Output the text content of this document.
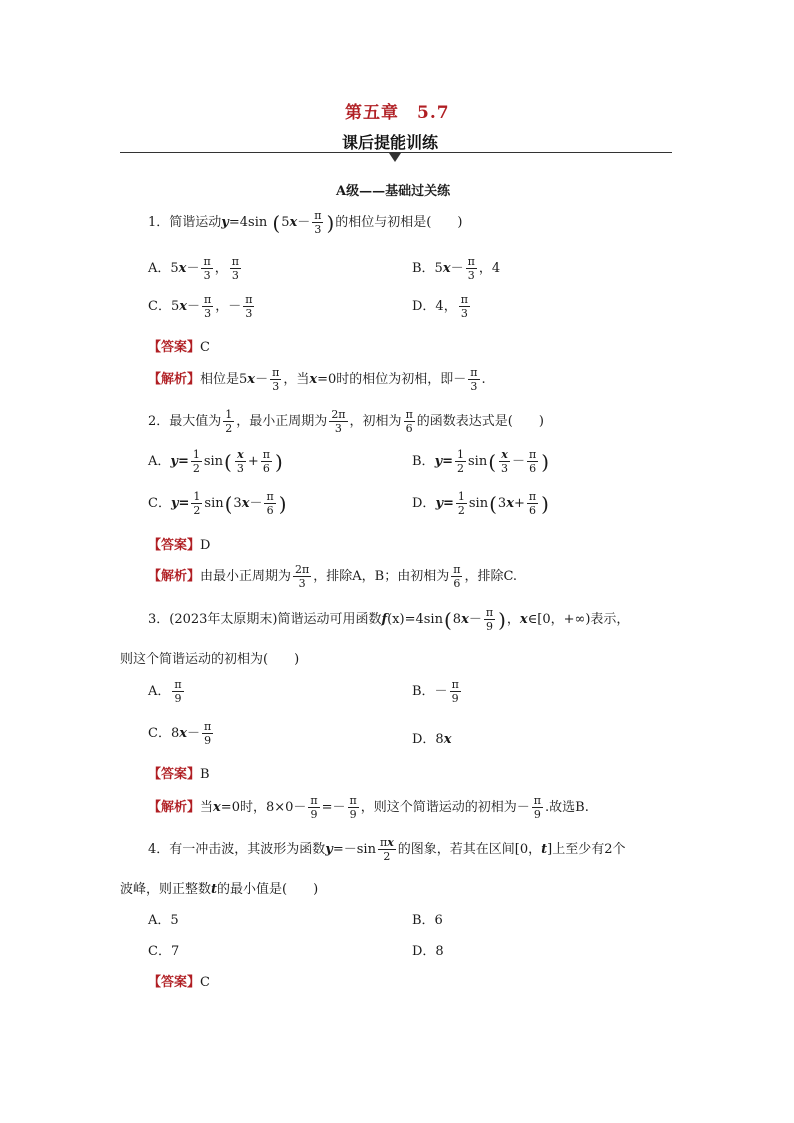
第五章　5.7
课后提能训练
A级——基础过关练
1．简谐运动y=4sin ($5x- \frac{\pi}{3}$ )的相位与初相是(　　)
A．$5x- \frac{\pi}{3}$ ， $\frac{\pi}{3}$	B．$5x- \frac{\pi}{3}$ ，4
C．$5x- \frac{\pi}{3}$ ，－ $\frac{\pi}{3}$	D．4， $\frac{\pi}{3}$
【答案】C
【解析】相位是$5x- \frac{\pi}{3}$ ，当x=0时的相位为初相，即－ $\frac{\pi}{3}$ .
2．最大值为 $\frac{1}{2}$ ，最小正周期为 $\frac{2\pi}{3}$ ，初相为 $\frac{\pi}{6}$ 的函数表达式是(　　)
A．$y= \frac{1}{2} \sin( \frac{x}{3} + \frac{\pi}{6}$ )	B．$y= \frac{1}{2} \sin( \frac{x}{3} - \frac{\pi}{6}$ )
C．$y= \frac{1}{2} \sin(3x- \frac{\pi}{6}$ )	D．$y= \frac{1}{2} \sin(3x+ \frac{\pi}{6}$ )
【答案】D
【解析】由最小正周期为 $\frac{2\pi}{3}$ ，排除A，B；由初相为 $\frac{\pi}{6}$ ，排除C.
3．(2023年太原期末)简谐运动可用函数$f(x)=4\sin(8x- \frac{\pi}{9}$ )，x∈[0，+∞)表示，
则这个简谐运动的初相为(　　)
A． $\frac{\pi}{9}$	B．－ $\frac{\pi}{9}$
C．$8x- \frac{\pi}{9}$	D．8x
【答案】B
【解析】当x=0时，$8\times 0- \frac{\pi}{9} =- \frac{\pi}{9}$ ，则这个简谐运动的初相为－ $\frac{\pi}{9}$ .故选B.
4．有一冲击波，其波形为函数$y=-\sin \frac{\pi x}{2}$ 的图象，若其在区间[0，t]上至少有2个
波峰，则正整数t的最小值是(　　)
A．5	B．6
C．7	D．8
【答案】C
